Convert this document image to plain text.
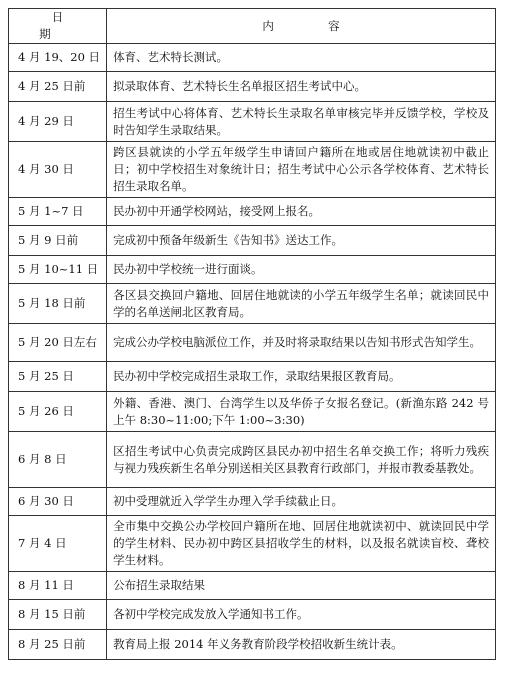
日 期	内 容
4 月 19、20 日	体育、艺术特长测试。
4 月 25 日前	拟录取体育、艺术特长生名单报区招生考试中心。
4 月 29 日	招生考试中心将体育、艺术特长生录取名单审核完毕并反馈学校，学校及时告知学生录取结果。
4 月 30 日	跨区县就读的小学五年级学生申请回户籍所在地或居住地就读初中截止日；初中学校招生对象统计日；招生考试中心公示各学校体育、艺术特长招生录取名单。
5 月 1~7 日	民办初中开通学校网站，接受网上报名。
5 月 9 日前	完成初中预备年级新生《告知书》送达工作。
5 月 10~11 日	民办初中学校统一进行面谈。
5 月 18 日前	各区县交换回户籍地、回居住地就读的小学五年级学生名单；就读回民中学的名单送闸北区教育局。
5 月 20 日左右	完成公办学校电脑派位工作，并及时将录取结果以告知书形式告知学生。
5 月 25 日	民办初中学校完成招生录取工作，录取结果报区教育局。
5 月 26 日	外籍、香港、澳门、台湾学生以及华侨子女报名登记。(新渔东路 242 号 上午 8:30~11:00;下午 1:00~3:30)
6 月 8 日	区招生考试中心负责完成跨区县民办初中招生名单交换工作；将听力残疾与视力残疾新生名单分别送相关区县教育行政部门，并报市教委基教处。
6 月 30 日	初中受理就近入学学生办理入学手续截止日。
7 月 4 日	全市集中交换公办学校回户籍所在地、回居住地就读初中、就读回民中学的学生材料、民办初中跨区县招收学生的材料，以及报名就读盲校、聋校学生材料。
8 月 11 日	公布招生录取结果
8 月 15 日前	各初中学校完成发放入学通知书工作。
8 月 25 日前	教育局上报 2014 年义务教育阶段学校招收新生统计表。
